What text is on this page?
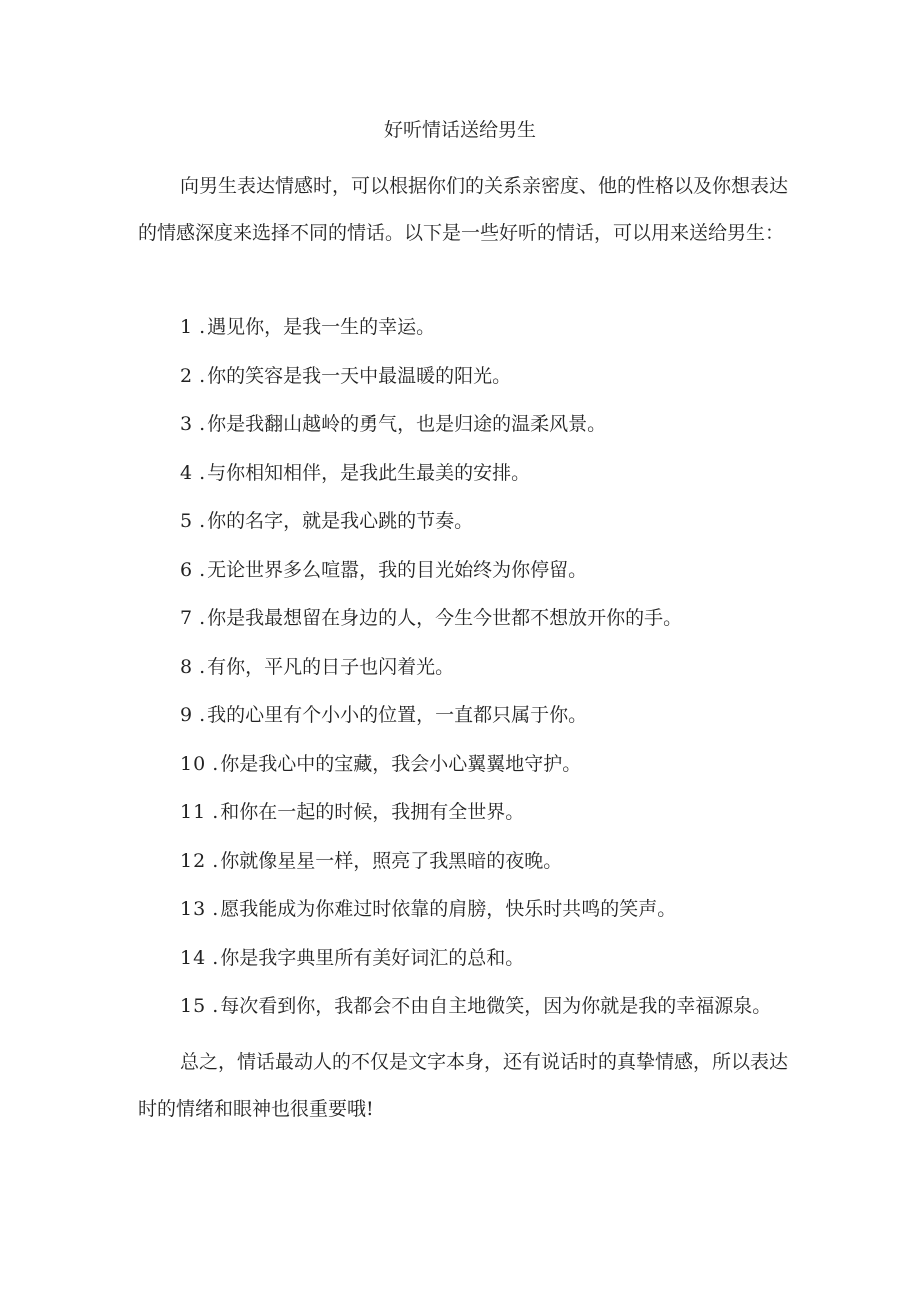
好听情话送给男生

向男生表达情感时，可以根据你们的关系亲密度、他的性格以及你想表达的情感深度来选择不同的情话。以下是一些好听的情话，可以用来送给男生：

1 . 遇见你，是我一生的幸运。
2 . 你的笑容是我一天中最温暖的阳光。
3 . 你是我翻山越岭的勇气，也是归途的温柔风景。
4 . 与你相知相伴，是我此生最美的安排。
5 . 你的名字，就是我心跳的节奏。
6 . 无论世界多么喧嚣，我的目光始终为你停留。
7 . 你是我最想留在身边的人，今生今世都不想放开你的手。
8 . 有你，平凡的日子也闪着光。
9 . 我的心里有个小小的位置，一直都只属于你。
10 . 你是我心中的宝藏，我会小心翼翼地守护。
11 . 和你在一起的时候，我拥有全世界。
12 . 你就像星星一样，照亮了我黑暗的夜晚。
13 . 愿我能成为你难过时依靠的肩膀，快乐时共鸣的笑声。
14 . 你是我字典里所有美好词汇的总和。
15 . 每次看到你，我都会不由自主地微笑，因为你就是我的幸福源泉。

总之，情话最动人的不仅是文字本身，还有说话时的真挚情感，所以表达时的情绪和眼神也很重要哦!
